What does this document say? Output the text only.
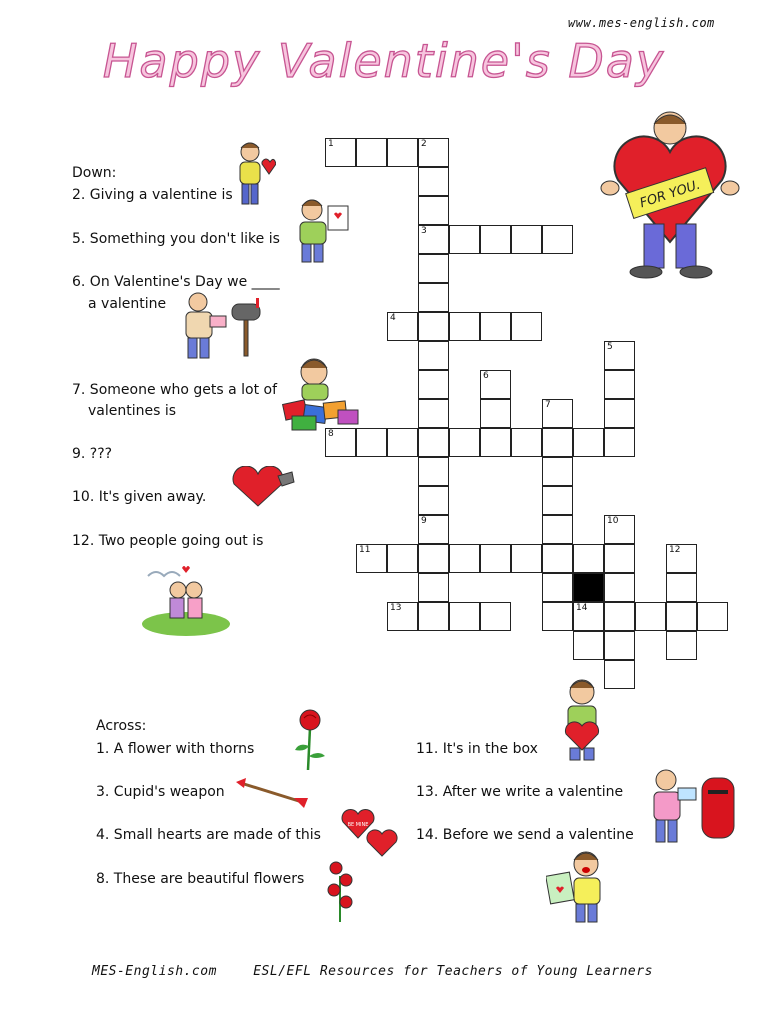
www.mes-english.com
Happy Valentine's Day
Down:
2. Giving a valentine is
5. Something you don't like is
6. On Valentine's Day we ____
a valentine
7. Someone who gets a lot of
valentines is
9. ???
10. It's given away.
12. Two people going out is
Across:
1. A flower with thorns
3. Cupid's weapon
4. Small hearts are made of this
8. These are beautiful flowers
11. It's in the box
13. After we write a valentine
14. Before we send a valentine
1	2
3
9
4
5
6
7
8
10
11	12
13	14
FOR YOU.
BE MINE
MES-English.com	ESL/EFL Resources for Teachers of Young Learners
